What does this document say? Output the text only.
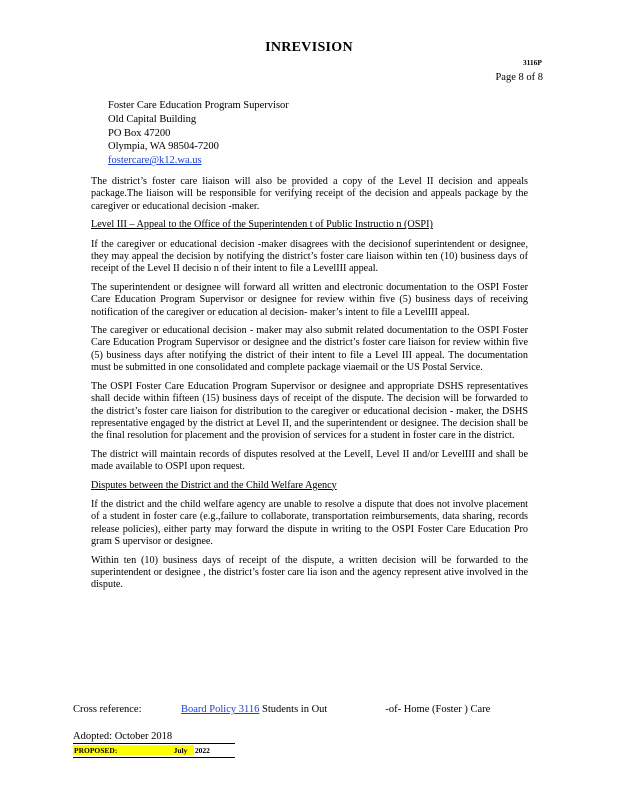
INREVISION
3116P
Page 8 of 8
Foster Care Education Program Supervisor
Old Capital Building
PO Box 47200
Olympia, WA 98504-7200
fostercare@k12.wa.us

The district’s foster care liaison will also be provided a copy of the Level II decision and appeals package.The liaison will be responsible for verifying receipt of the decision and appeals package by the caregiver or educational decision -maker.

Level III – Appeal to the Office of the Superintenden t of Public Instructio n (OSPI)

If the caregiver or educational decision -maker disagrees with the decisionof superintendent or designee, they may appeal the decision by notifying the district’s foster care liaison within ten (10) business days of receipt of the Level II decisio n of their intent to file a LevelIII appeal.

The superintendent or designee will forward all written and electronic documentation to the OSPI Foster Care Education Program Supervisor or designee for review within five (5) business days of receiving notification of the caregiver or education al decision- maker’s intent to file a LevelIII appeal.

The caregiver or educational decision - maker may also submit related documentation to the OSPI Foster Care Education Program Supervisor or designee and the district’s foster care liaison for review within five (5) business days after notifying the district of their intent to file a Level III appeal. The documentation must be submitted in one consolidated and complete package viaemail or the US Postal Service.

The OSPI Foster Care Education Program Supervisor or designee and appropriate DSHS representatives shall decide within fifteen (15) business days of receipt of the dispute. The decision will be forwarded to the district’s foster care liaison for distribution to the caregiver or educational decision - maker, the DSHS representative engaged by the district at Level II, and the superintendent or designee. The decision shall be the final resolution for placement and the provision of services for a student in foster care in the district.

The district will maintain records of disputes resolved at the LevelI, Level II and/or LevelIII and shall be made available to OSPI upon request.

Disputes between the District and the Child Welfare Agency

If the district and the child welfare agency are unable to resolve a dispute that does not involve placement of a student in foster care (e.g.,failure to collaborate, transportation reimbursements, data sharing, records release policies), either party may forward the dispute in writing to the OSPI Foster Care Education Pro gram S upervisor or designee.

Within ten (10) business days of receipt of the dispute, a written decision will be forwarded to the superintendent or designee , the district’s foster care lia ison and the agency represent ative involved in the dispute.

Cross reference:	Board Policy 3116 Students in Out	-of- Home (Foster ) Care
Adopted: October 2018
PROPOSED:	July 2022
